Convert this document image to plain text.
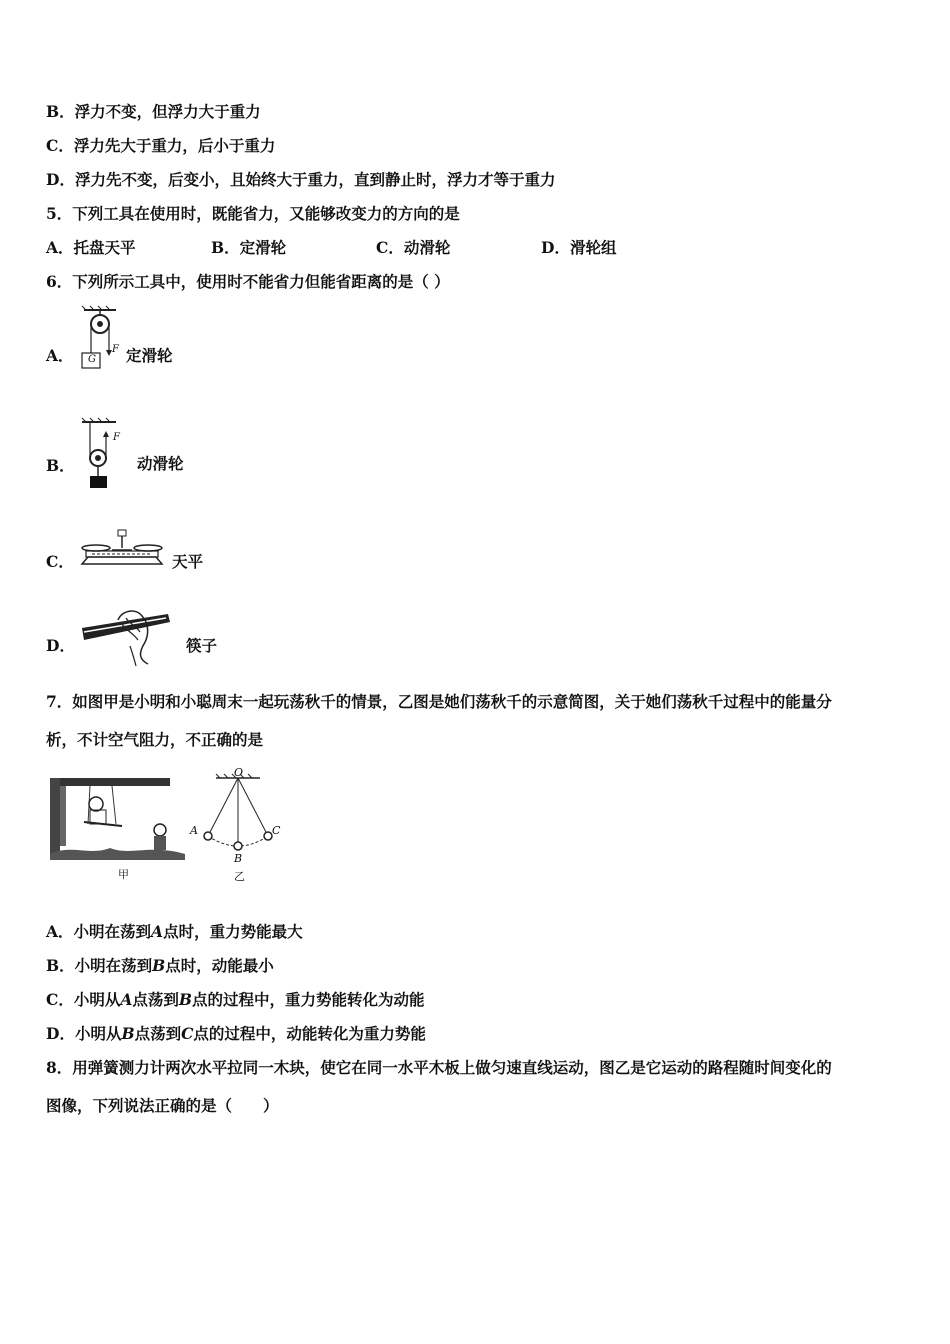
B．浮力不变，但浮力大于重力
C．浮力先大于重力，后小于重力
D．浮力先不变，后变小，且始终大于重力，直到静止时，浮力才等于重力
5．下列工具在使用时，既能省力，又能够改变力的方向的是
A．托盘天平	B．定滑轮	C．动滑轮	D．滑轮组
6．下列所示工具中，使用时不能省力但能省距离的是（ ）
A． G
F 定滑轮
B．
F
动滑轮
C．	天平
D．	筷子
7．如图甲是小明和小聪周末一起玩荡秋千的情景，乙图是她们荡秋千的示意简图，关于她们荡秋千过程中的能量分
析，不计空气阻力，不正确的是
甲
O
A
B
C
乙
A．小明在荡到A点时，重力势能最大
B．小明在荡到B点时，动能最小
C．小明从A点荡到B点的过程中，重力势能转化为动能
D．小明从B点荡到C点的过程中，动能转化为重力势能
8．用弹簧测力计两次水平拉同一木块，使它在同一水平木板上做匀速直线运动，图乙是它运动的路程随时间变化的
图像，下列说法正确的是（　　）
